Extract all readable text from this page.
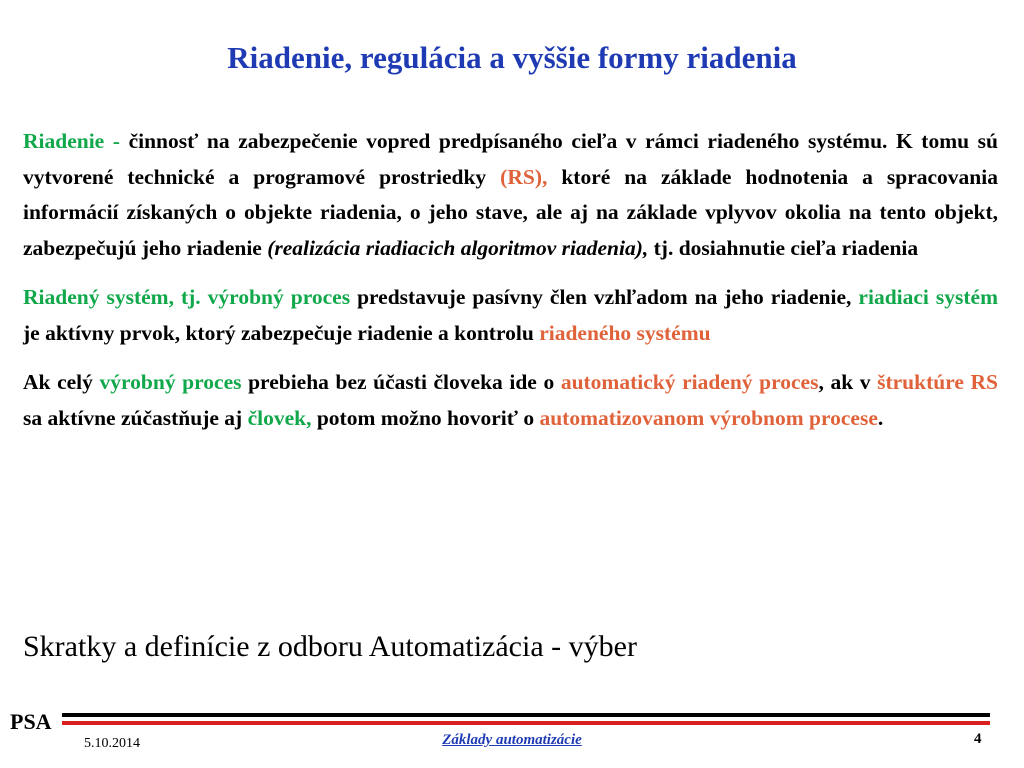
Riadenie, regulácia a vyššie formy riadenia

Riadenie - činnosť na zabezpečenie vopred predpísaného cieľa v rámci riadeného systému. K tomu sú vytvorené technické a programové prostriedky (RS), ktoré na základe hodnotenia a spracovania informácií získaných o objekte riadenia, o jeho stave, ale aj na základe vplyvov okolia na tento objekt, zabezpečujú jeho riadenie (realizácia riadiacich algoritmov riadenia), tj. dosiahnutie cieľa riadenia

Riadený systém, tj. výrobný proces predstavuje pasívny člen vzhľadom na jeho riadenie, riadiaci systém je aktívny prvok, ktorý zabezpečuje riadenie a kontrolu riadeného systému

Ak celý výrobný proces prebieha bez účasti človeka ide o automatický riadený proces, ak v štruktúre RS sa aktívne zúčastňuje aj človek, potom možno hovoriť o automatizovanom výrobnom procese.

Skratky a definície z odboru Automatizácia - výber
PSA
5.10.2014	Základy automatizácie	4
